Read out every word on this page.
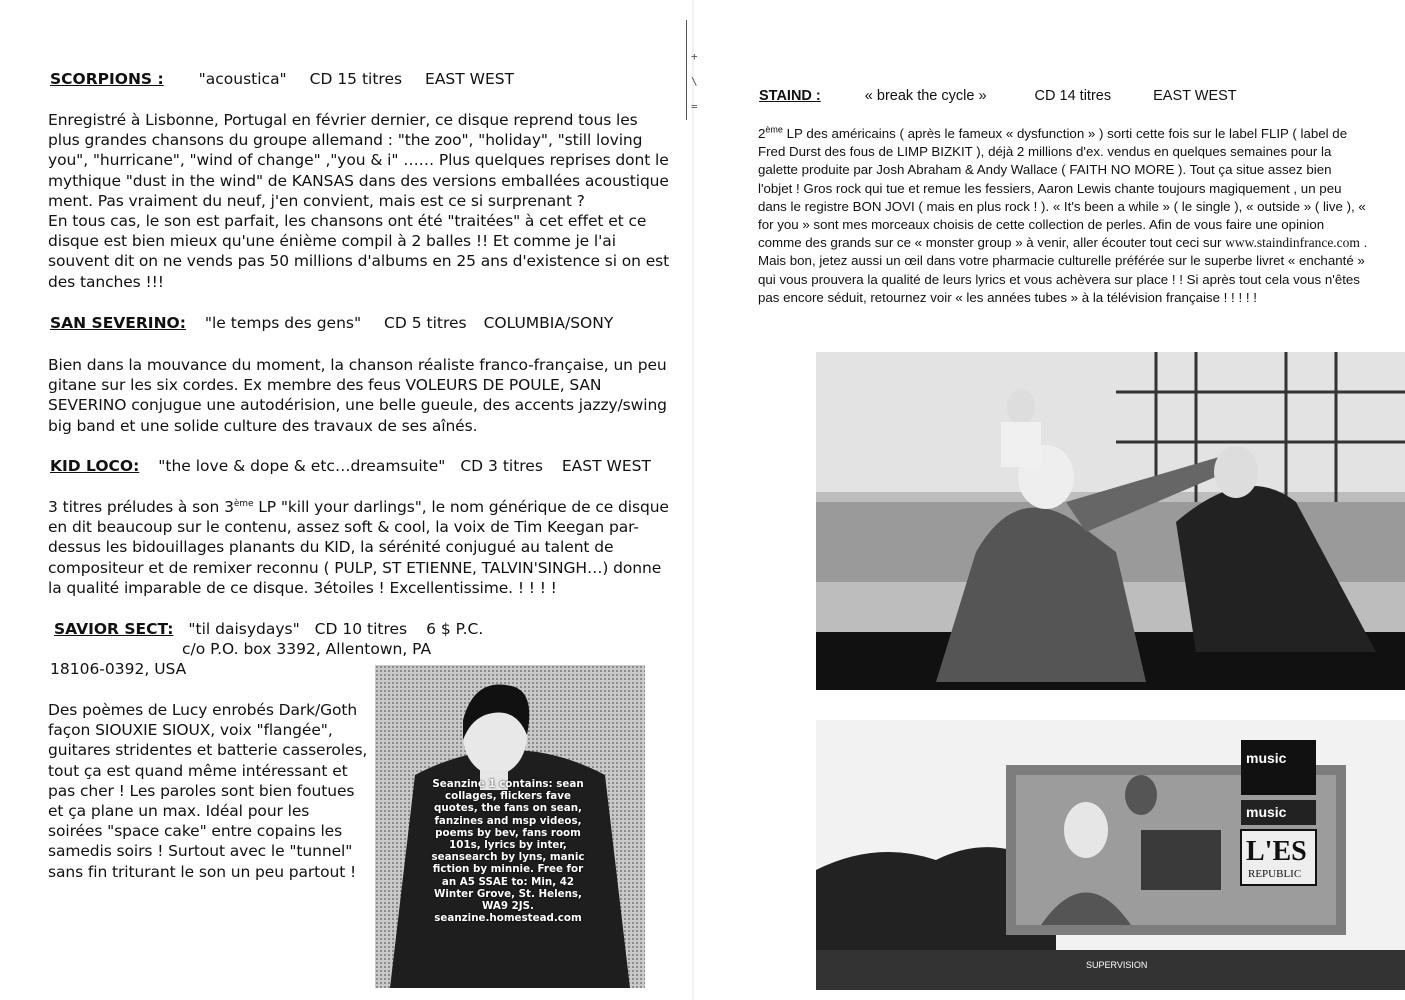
+
\
=
SCORPIONS : "acoustica" CD 15 titres EAST WEST
Enregistré à Lisbonne, Portugal en février dernier, ce disque reprend tous les plus grandes chansons du groupe allemand : "the zoo", "holiday", "still loving you", "hurricane", "wind of change" ,"you & i" …… Plus quelques reprises dont le mythique "dust in the wind" de KANSAS dans des versions emballées acoustique ment. Pas vraiment du neuf, j'en convient, mais est ce si surprenant ?
En tous cas, le son est parfait, les chansons ont été "traitées" à cet effet et ce disque est bien mieux qu'une énième compil à 2 balles !! Et comme je l'ai souvent dit on ne vends pas 50 millions d'albums en 25 ans d'existence si on est des tanches !!!
SAN SEVERINO: "le temps des gens" CD 5 titres COLUMBIA/SONY
Bien dans la mouvance du moment, la chanson réaliste franco-française, un peu gitane sur les six cordes. Ex membre des feus VOLEURS DE POULE, SAN SEVERINO conjugue une autodérision, une belle gueule, des accents jazzy/swing big band et une solide culture des travaux de ses aînés.
KID LOCO: "the love & dope & etc…dreamsuite" CD 3 titres EAST WEST
3 titres préludes à son 3ème LP "kill your darlings", le nom générique de ce disque en dit beaucoup sur le contenu, assez soft & cool, la voix de Tim Keegan par-dessus les bidouillages planants du KID, la sérénité conjugué au talent de compositeur et de remixer reconnu ( PULP, ST ETIENNE, TALVIN'SINGH…) donne la qualité imparable de ce disque. 3étoiles ! Excellentissime. ! ! ! !
SAVIOR SECT: "til daisydays" CD 10 titres 6 $ P.C.
c/o P.O. box 3392, Allentown, PA
18106-0392, USA
Des poèmes de Lucy enrobés Dark/Goth façon SIOUXIE SIOUX, voix "flangée", guitares stridentes et batterie casseroles, tout ça est quand même intéressant et pas cher ! Les paroles sont bien foutues et ça plane un max. Idéal pour les soirées "space cake" entre copains les samedis soirs ! Surtout avec le "tunnel" sans fin triturant le son un peu partout !
Seanzine 1 contains: sean collages, flickers fave quotes, the fans on sean, fanzines and msp videos, poems by bev, fans room 101s, lyrics by inter, seansearch by lyns, manic fiction by minnie. Free for an A5 SSAE to: Min, 42 Winter Grove, St. Helens, WA9 2JS. seanzine.homestead.com
STAIND :	« break the cycle »	CD 14 titres	EAST WEST
2ème LP des américains ( après le fameux « dysfunction » ) sorti cette fois sur le label FLIP ( label de Fred Durst des fous de LIMP BIZKIT ), déjà 2 millions d'ex. vendus en quelques semaines pour la galette produite par Josh Abraham & Andy Wallace ( FAITH NO MORE ). Tout ça situe assez bien l'objet ! Gros rock qui tue et remue les fessiers, Aaron Lewis chante toujours magiquement , un peu dans le registre BON JOVI ( mais en plus rock ! ). « It's been a while » ( le single ), « outside » ( live ), « for you » sont mes morceaux choisis de cette collection de perles. Afin de vous faire une opinion comme des grands sur ce « monster group » à venir, aller écouter tout ceci sur www.staindinfrance.com .
Mais bon, jetez aussi un œil dans votre pharmacie culturelle préférée sur le superbe livret « enchanté » qui vous prouvera la qualité de leurs lyrics et vous achèvera sur place ! ! Si après tout cela vous n'êtes pas encore séduit, retournez voir « les années tubes » à la télévision française ! ! ! ! !
music
music
L'ES
REPUBLIC
SUPERVISION
